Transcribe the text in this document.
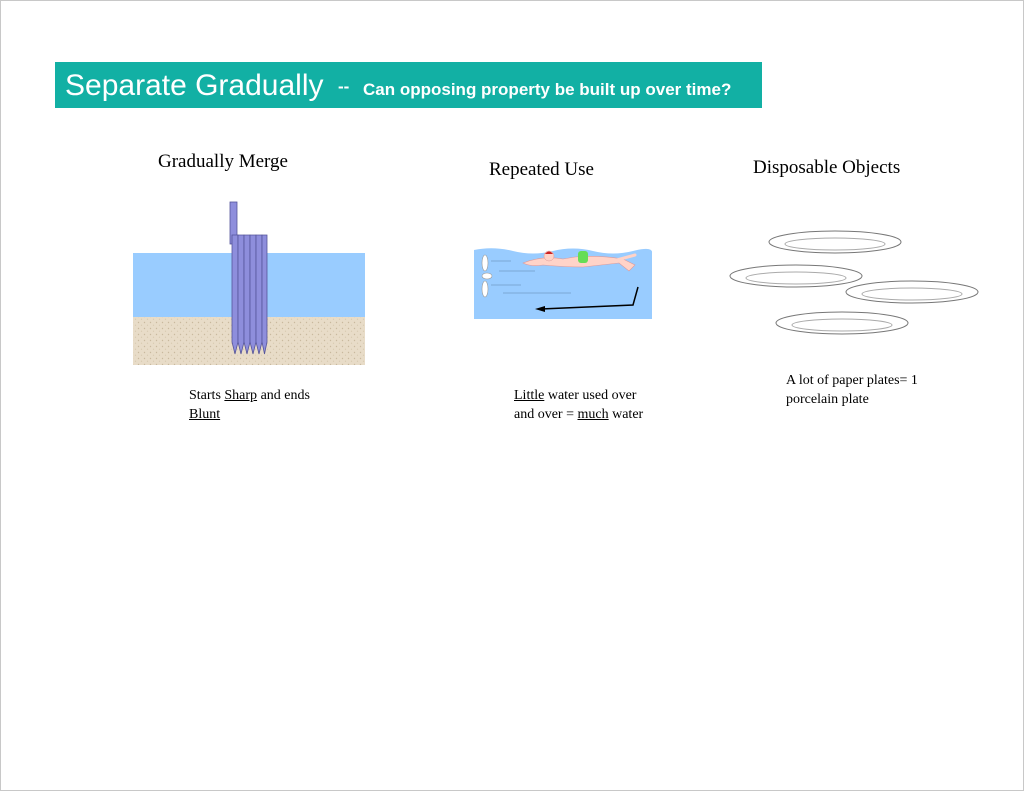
Separate Gradually -- Can opposing property be built up over time?
Gradually Merge	Repeated Use	Disposable Objects
Starts Sharp and ends
Blunt
Little water used over
and over = much water
A lot of paper plates= 1
porcelain plate
